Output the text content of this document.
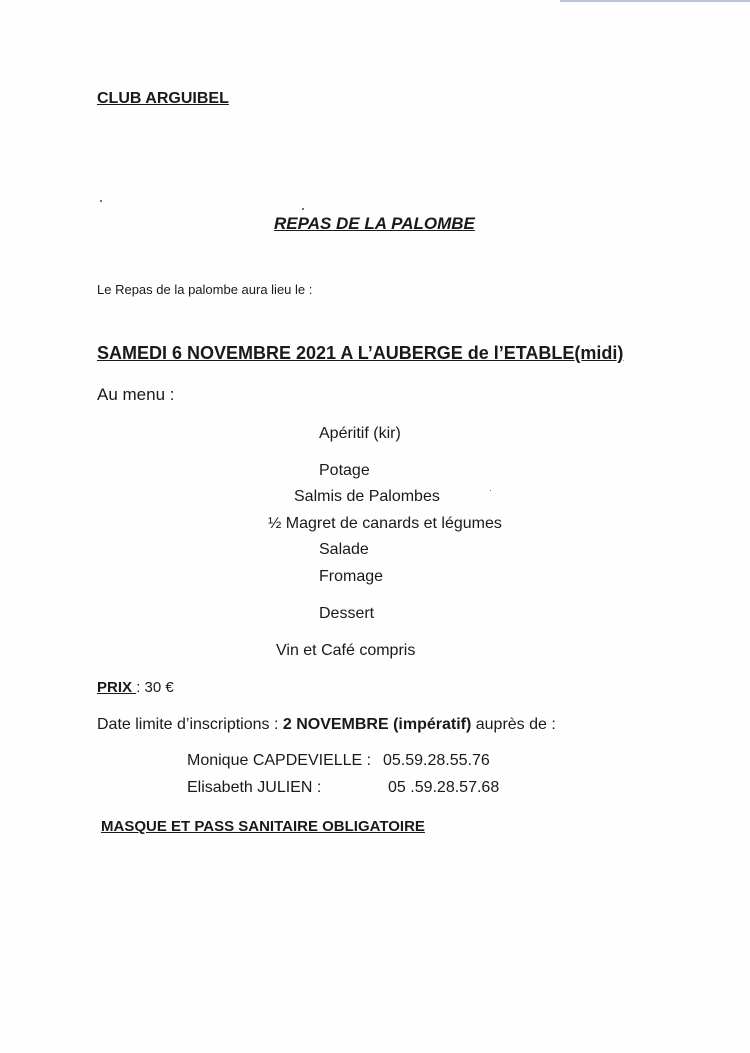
CLUB ARGUIBEL
REPAS DE LA PALOMBE
Le Repas de la palombe aura lieu le :
SAMEDI 6 NOVEMBRE 2021 A L’AUBERGE de l’ETABLE(midi)
Au menu :
Apéritif (kir)
Potage
Salmis de Palombes
½ Magret de canards et légumes
Salade
Fromage
Dessert
Vin et Café compris
PRIX : 30 €
Date limite d’inscriptions : 2 NOVEMBRE (impératif) auprès de :
Monique CAPDEVIELLE : 05.59.28.55.76
Elisabeth JULIEN :	05 .59.28.57.68
MASQUE ET PASS SANITAIRE OBLIGATOIRE
